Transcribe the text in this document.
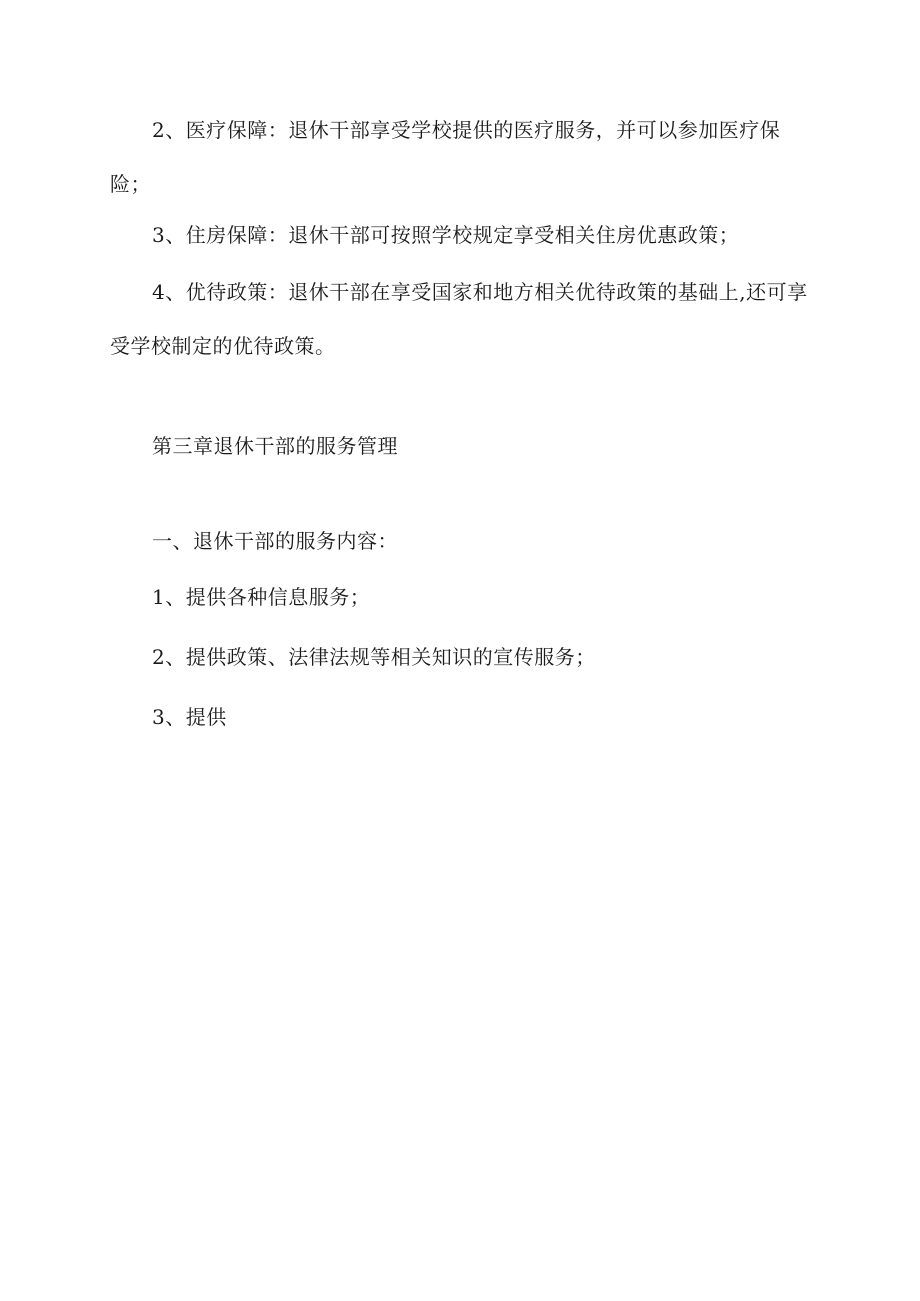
2、医疗保障：退休干部享受学校提供的医疗服务，并可以参加医疗保险；

3、住房保障：退休干部可按照学校规定享受相关住房优惠政策；

4、优待政策：退休干部在享受国家和地方相关优待政策的基础上,还可享受学校制定的优待政策。

第三章退休干部的服务管理

一、退休干部的服务内容：

1、提供各种信息服务；

2、提供政策、法律法规等相关知识的宣传服务；

3、提供
